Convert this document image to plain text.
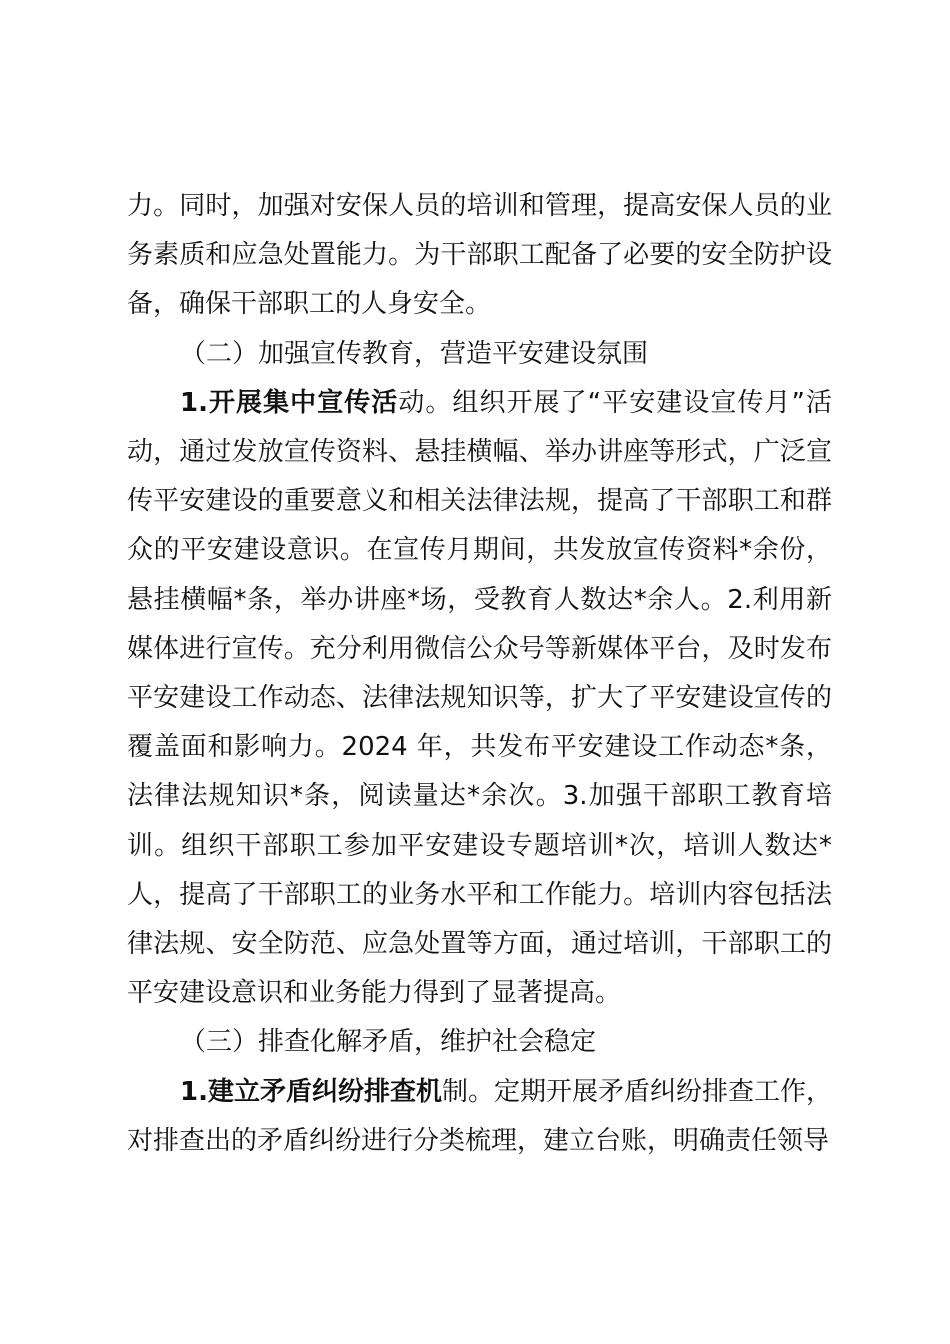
力。同时，加强对安保人员的培训和管理，提高安保人员的业务素质和应急处置能力。为干部职工配备了必要的安全防护设备，确保干部职工的人身安全。

（二）加强宣传教育，营造平安建设氛围

1.开展集中宣传活动。组织开展了“平安建设宣传月”活动，通过发放宣传资料、悬挂横幅、举办讲座等形式，广泛宣传平安建设的重要意义和相关法律法规，提高了干部职工和群众的平安建设意识。在宣传月期间，共发放宣传资料*余份，悬挂横幅*条，举办讲座*场，受教育人数达*余人。2.利用新媒体进行宣传。充分利用微信公众号等新媒体平台，及时发布平安建设工作动态、法律法规知识等，扩大了平安建设宣传的覆盖面和影响力。2024 年，共发布平安建设工作动态*条，法律法规知识*条，阅读量达*余次。3.加强干部职工教育培训。组织干部职工参加平安建设专题培训*次，培训人数达*人，提高了干部职工的业务水平和工作能力。培训内容包括法律法规、安全防范、应急处置等方面，通过培训，干部职工的平安建设意识和业务能力得到了显著提高。

（三）排查化解矛盾，维护社会稳定

1.建立矛盾纠纷排查机制。定期开展矛盾纠纷排查工作，对排查出的矛盾纠纷进行分类梳理，建立台账，明确责任领导
